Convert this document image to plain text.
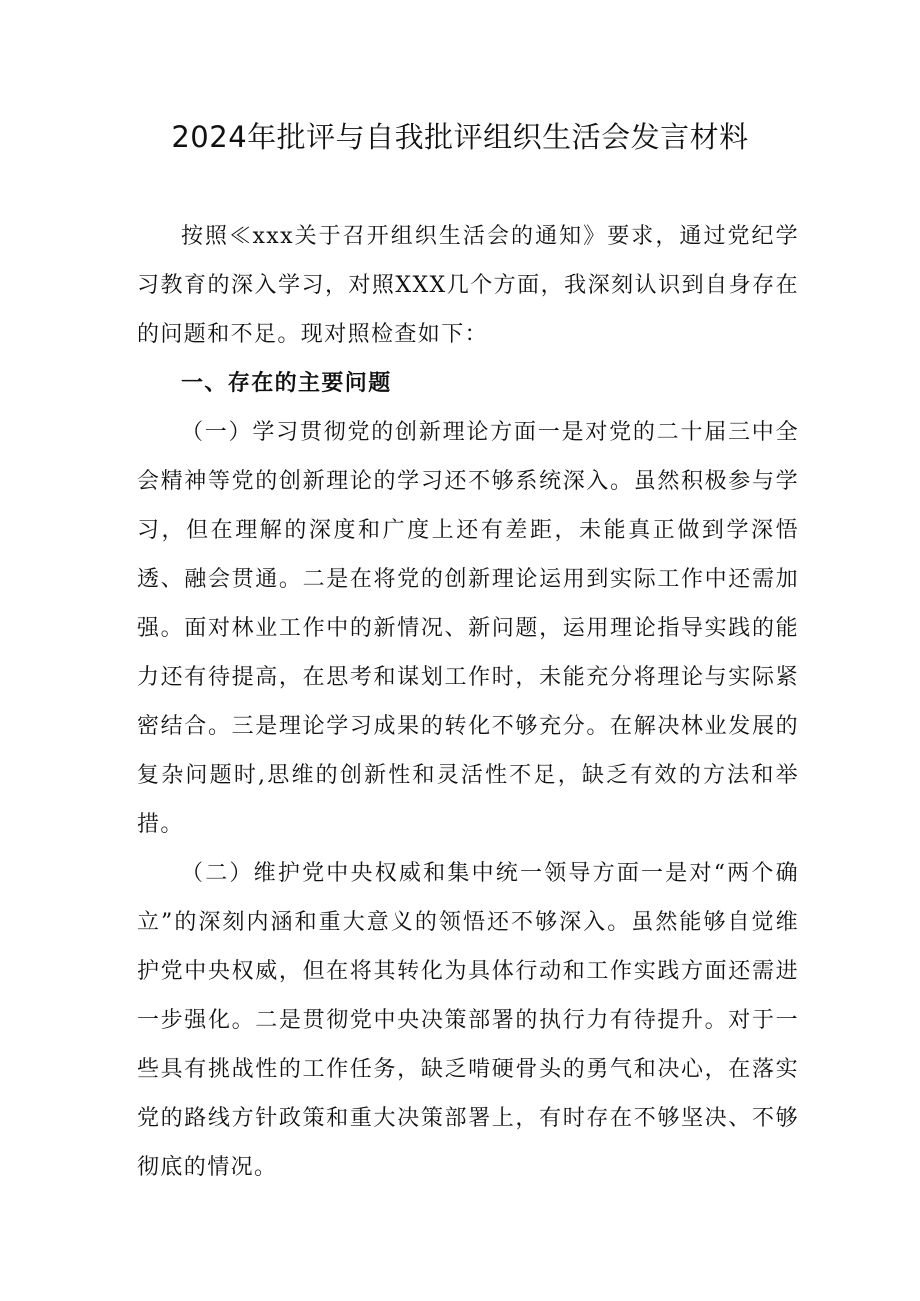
2024年批评与自我批评组织生活会发言材料

按照≪xxx关于召开组织生活会的通知》要求，通过党纪学习教育的深入学习，对照XXX几个方面，我深刻认识到自身存在的问题和不足。现对照检查如下：

一、存在的主要问题

（一）学习贯彻党的创新理论方面一是对党的二十届三中全会精神等党的创新理论的学习还不够系统深入。虽然积极参与学习，但在理解的深度和广度上还有差距，未能真正做到学深悟透、融会贯通。二是在将党的创新理论运用到实际工作中还需加强。面对林业工作中的新情况、新问题，运用理论指导实践的能力还有待提高，在思考和谋划工作时，未能充分将理论与实际紧密结合。三是理论学习成果的转化不够充分。在解决林业发展的复杂问题时,思维的创新性和灵活性不足，缺乏有效的方法和举措。

（二）维护党中央权威和集中统一领导方面一是对“两个确立”的深刻内涵和重大意义的领悟还不够深入。虽然能够自觉维护党中央权威，但在将其转化为具体行动和工作实践方面还需进一步强化。二是贯彻党中央决策部署的执行力有待提升。对于一些具有挑战性的工作任务，缺乏啃硬骨头的勇气和决心，在落实党的路线方针政策和重大决策部署上，有时存在不够坚决、不够彻底的情况。
